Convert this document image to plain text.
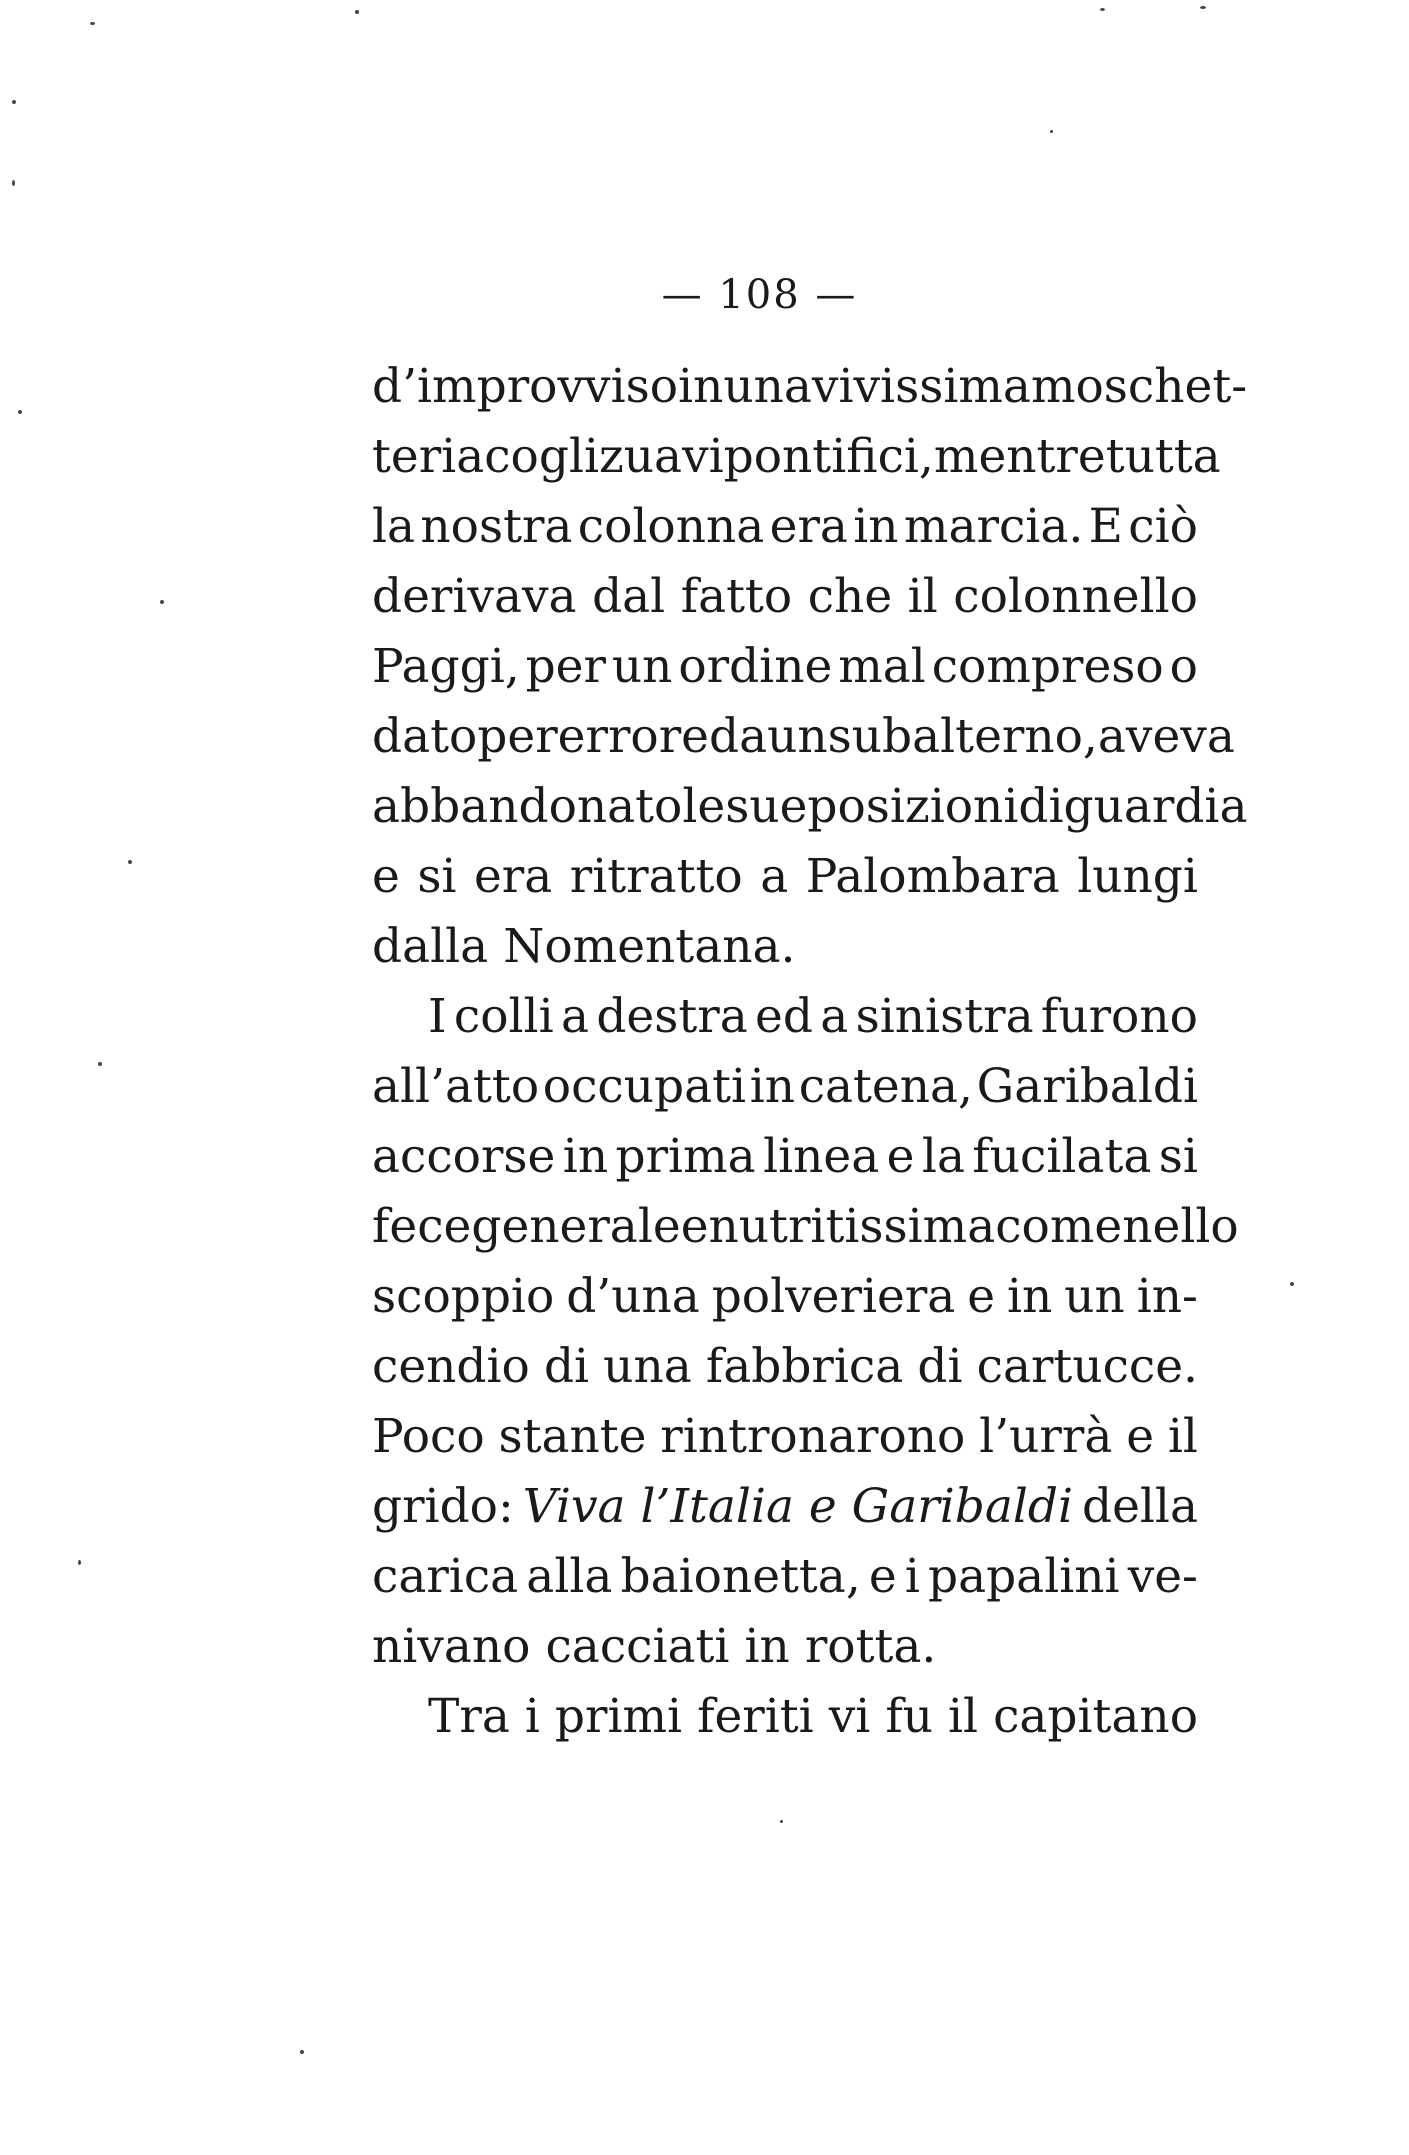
— 108 —
d’improvviso in una vivissima moschet-
teria cogli zuavi pontifici, mentre tutta
la nostra colonna era in marcia. E ciò
derivava dal fatto che il colonnello
Paggi, per un ordine mal compreso o
dato per errore da un subalterno, aveva
abbandonato le sue posizioni di guardia
e si era ritratto a Palombara lungi
dalla Nomentana.
I colli a destra ed a sinistra furono
all’atto occupati in catena, Garibaldi
accorse in prima linea e la fucilata si
fece generale e nutritissima come nello
scoppio d’una polveriera e in un in-
cendio di una fabbrica di cartucce.
Poco stante rintronarono l’urrà e il
grido: Viva l’Italia e Garibaldi della
carica alla baionetta, e i papalini ve-
nivano cacciati in rotta.
Tra i primi feriti vi fu il capitano
